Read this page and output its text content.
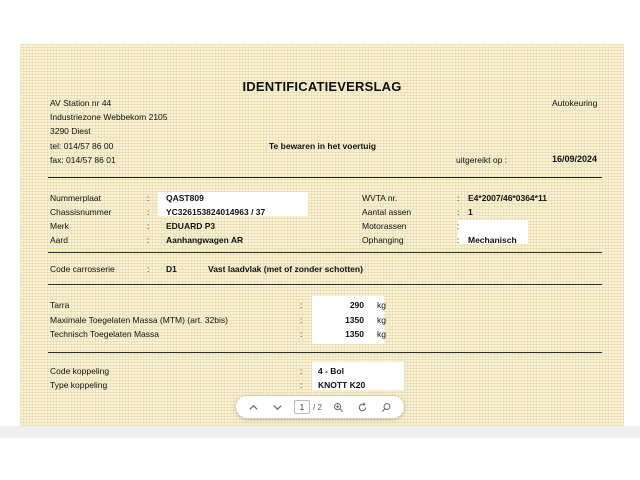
IDENTIFICATIEVERSLAG
AV Station nr 44
Industriezone Webbekom 2105
3290 Diest
tel: 014/57 86 00
fax: 014/57 86 01
Autokeuring
Te bewaren in het voertuig
uitgereikt op :	16/09/2024
Nummerplaat	: QAST809
Chassisnummer	: YC326153824014963 / 37
Merk	: EDUARD P3
Aard	: Aanhangwagen AR
WVTA nr.	: E4*2007/46*0364*11
Aantal assen	: 1
Motorassen	:
Ophanging	: Mechanisch
Code carrosserie	: D1	Vast laadvlak (met of zonder schotten)
Tarra	:	290 kg
Maximale Toegelaten Massa (MTM) (art. 32bis)	:	1350 kg
Technisch Toegelaten Massa	:	1350 kg
Code koppeling	: 4 - Bol
Type koppeling	: KNOTT K20
1
/ 2
